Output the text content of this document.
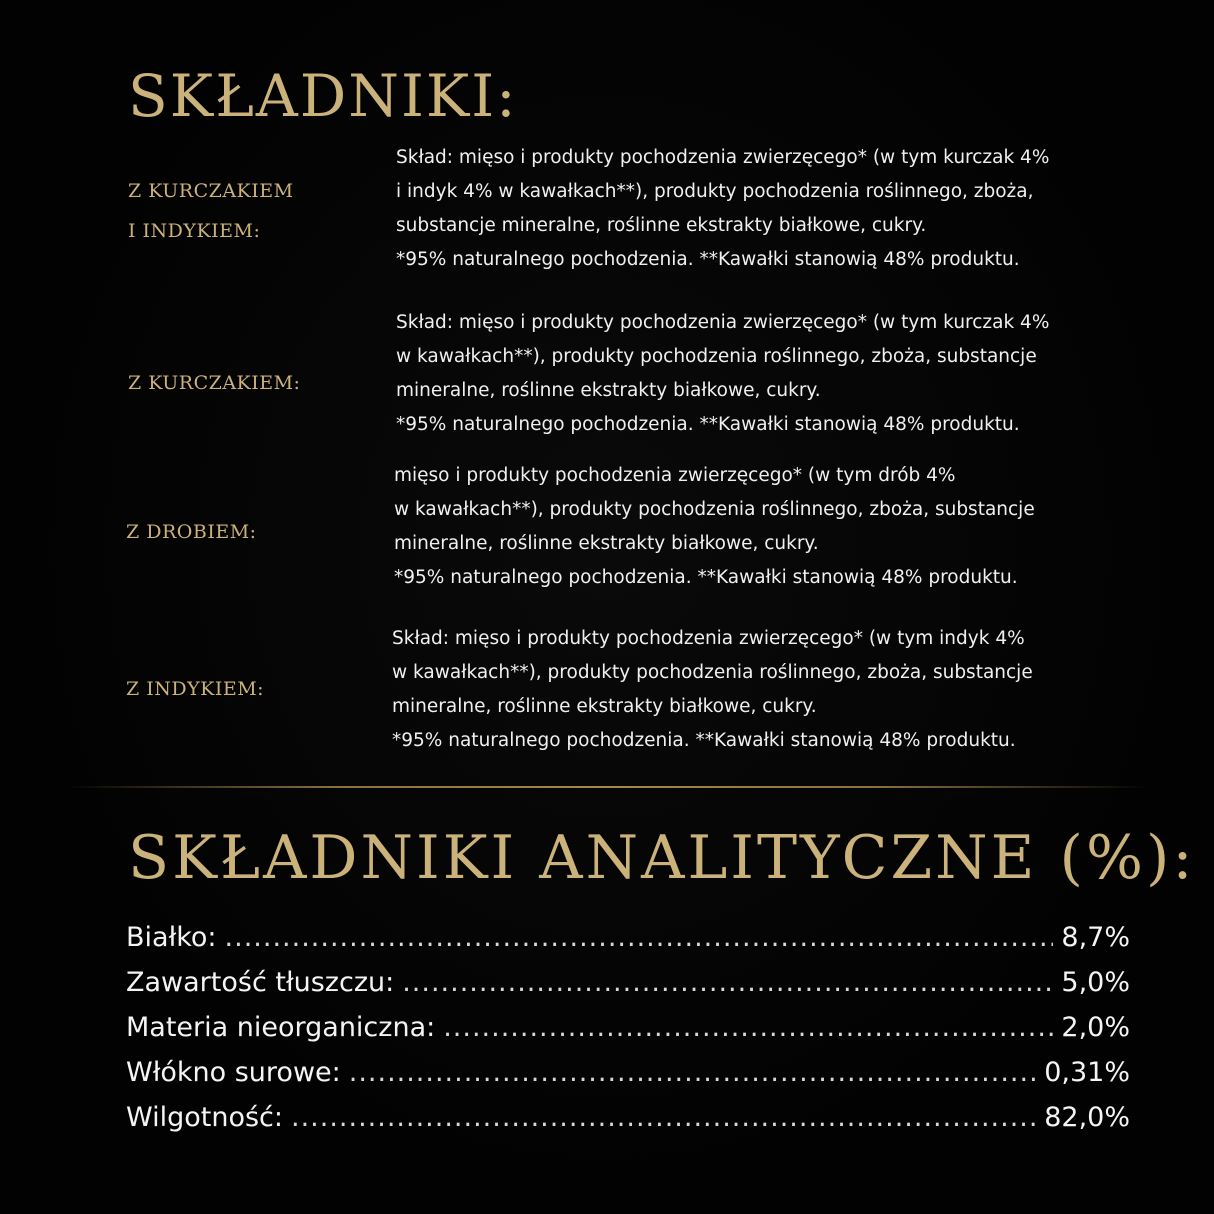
SKŁADNIKI:
Z KURCZAKIEM
I INDYKIEM:

Skład: mięso i produkty pochodzenia zwierzęcego* (w tym kurczak 4%

i indyk 4% w kawałkach**), produkty pochodzenia roślinnego, zboża,

substancje mineralne, roślinne ekstrakty białkowe, cukry.

*95% naturalnego pochodzenia. **Kawałki stanowią 48% produktu.

Z KURCZAKIEM:

Skład: mięso i produkty pochodzenia zwierzęcego* (w tym kurczak 4%

w kawałkach**), produkty pochodzenia roślinnego, zboża, substancje

mineralne, roślinne ekstrakty białkowe, cukry.

*95% naturalnego pochodzenia. **Kawałki stanowią 48% produktu.

Z DROBIEM:

mięso i produkty pochodzenia zwierzęcego* (w tym drób 4%

w kawałkach**), produkty pochodzenia roślinnego, zboża, substancje

mineralne, roślinne ekstrakty białkowe, cukry.

*95% naturalnego pochodzenia. **Kawałki stanowią 48% produktu.

Z INDYKIEM:

Skład: mięso i produkty pochodzenia zwierzęcego* (w tym indyk 4%

w kawałkach**), produkty pochodzenia roślinnego, zboża, substancje

mineralne, roślinne ekstrakty białkowe, cukry.

*95% naturalnego pochodzenia. **Kawałki stanowią 48% produktu.

SKŁADNIKI ANALITYCZNE (%):
Białko: .....	8,7%
Zawartość tłuszczu: .....	5,0%
Materia nieorganiczna: .....	2,0%
Włókno surowe: .....	0,31%
Wilgotność: .....	82,0%
